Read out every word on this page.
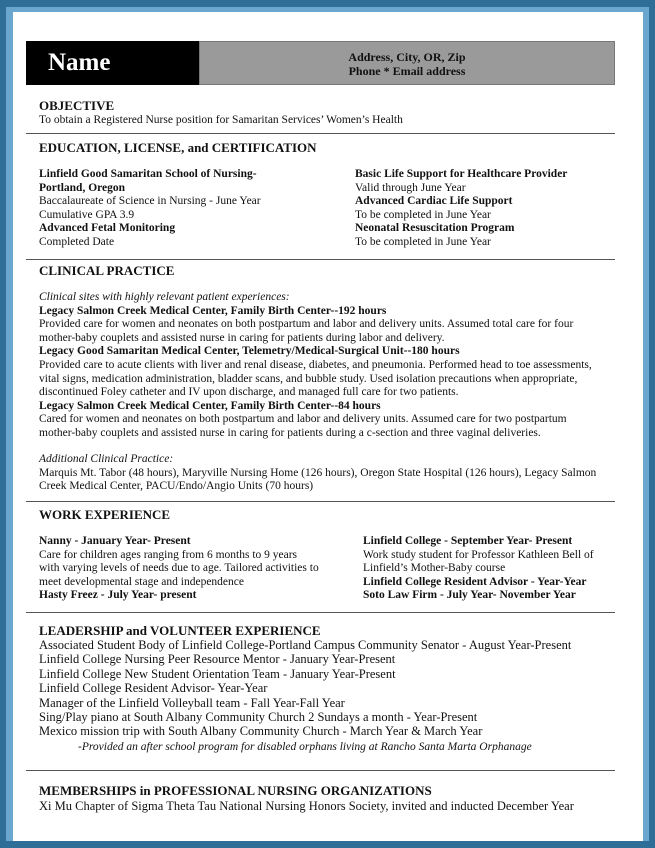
Name	Address, City, OR, Zip
Phone * Email address
OBJECTIVE
To obtain a Registered Nurse position for Samaritan Services’ Women’s Health
EDUCATION, LICENSE, and CERTIFICATION
Linfield Good Samaritan School of Nursing-
Portland, Oregon
Baccalaureate of Science in Nursing - June Year
Cumulative GPA 3.9
Advanced Fetal Monitoring
Completed Date
Basic Life Support for Healthcare Provider
Valid through June Year
Advanced Cardiac Life Support
To be completed in June Year
Neonatal Resuscitation Program
To be completed in June Year
CLINICAL PRACTICE
Clinical sites with highly relevant patient experiences:
Legacy Salmon Creek Medical Center, Family Birth Center--192 hours
Provided care for women and neonates on both postpartum and labor and delivery units. Assumed total care for four
mother-baby couplets and assisted nurse in caring for patients during labor and delivery.
Legacy Good Samaritan Medical Center, Telemetry/Medical-Surgical Unit--180 hours
Provided care to acute clients with liver and renal disease, diabetes, and pneumonia. Performed head to toe assessments,
vital signs, medication administration, bladder scans, and bubble study. Used isolation precautions when appropriate,
discontinued Foley catheter and IV upon discharge, and managed full care for two patients.
Legacy Salmon Creek Medical Center, Family Birth Center--84 hours
Cared for women and neonates on both postpartum and labor and delivery units. Assumed care for two postpartum
mother-baby couplets and assisted nurse in caring for patients during a c-section and three vaginal deliveries.
Additional Clinical Practice:
Marquis Mt. Tabor (48 hours), Maryville Nursing Home (126 hours), Oregon State Hospital (126 hours), Legacy Salmon
Creek Medical Center, PACU/Endo/Angio Units (70 hours)
WORK EXPERIENCE
Nanny - January Year- Present
Care for children ages ranging from 6 months to 9 years
with varying levels of needs due to age. Tailored activities to
meet developmental stage and independence
Hasty Freez - July Year- present
Linfield College - September Year- Present
Work study student for Professor Kathleen Bell of
Linfield’s Mother-Baby course
Linfield College Resident Advisor - Year-Year
Soto Law Firm - July Year- November Year
LEADERSHIP and VOLUNTEER EXPERIENCE
Associated Student Body of Linfield College-Portland Campus Community Senator - August Year-Present
Linfield College Nursing Peer Resource Mentor - January Year-Present
Linfield College New Student Orientation Team - January Year-Present
Linfield College Resident Advisor- Year-Year
Manager of the Linfield Volleyball team - Fall Year-Fall Year
Sing/Play piano at South Albany Community Church 2 Sundays a month - Year-Present
Mexico mission trip with South Albany Community Church - March Year & March Year
-Provided an after school program for disabled orphans living at Rancho Santa Marta Orphanage
MEMBERSHIPS in PROFESSIONAL NURSING ORGANIZATIONS
Xi Mu Chapter of Sigma Theta Tau National Nursing Honors Society, invited and inducted December Year
